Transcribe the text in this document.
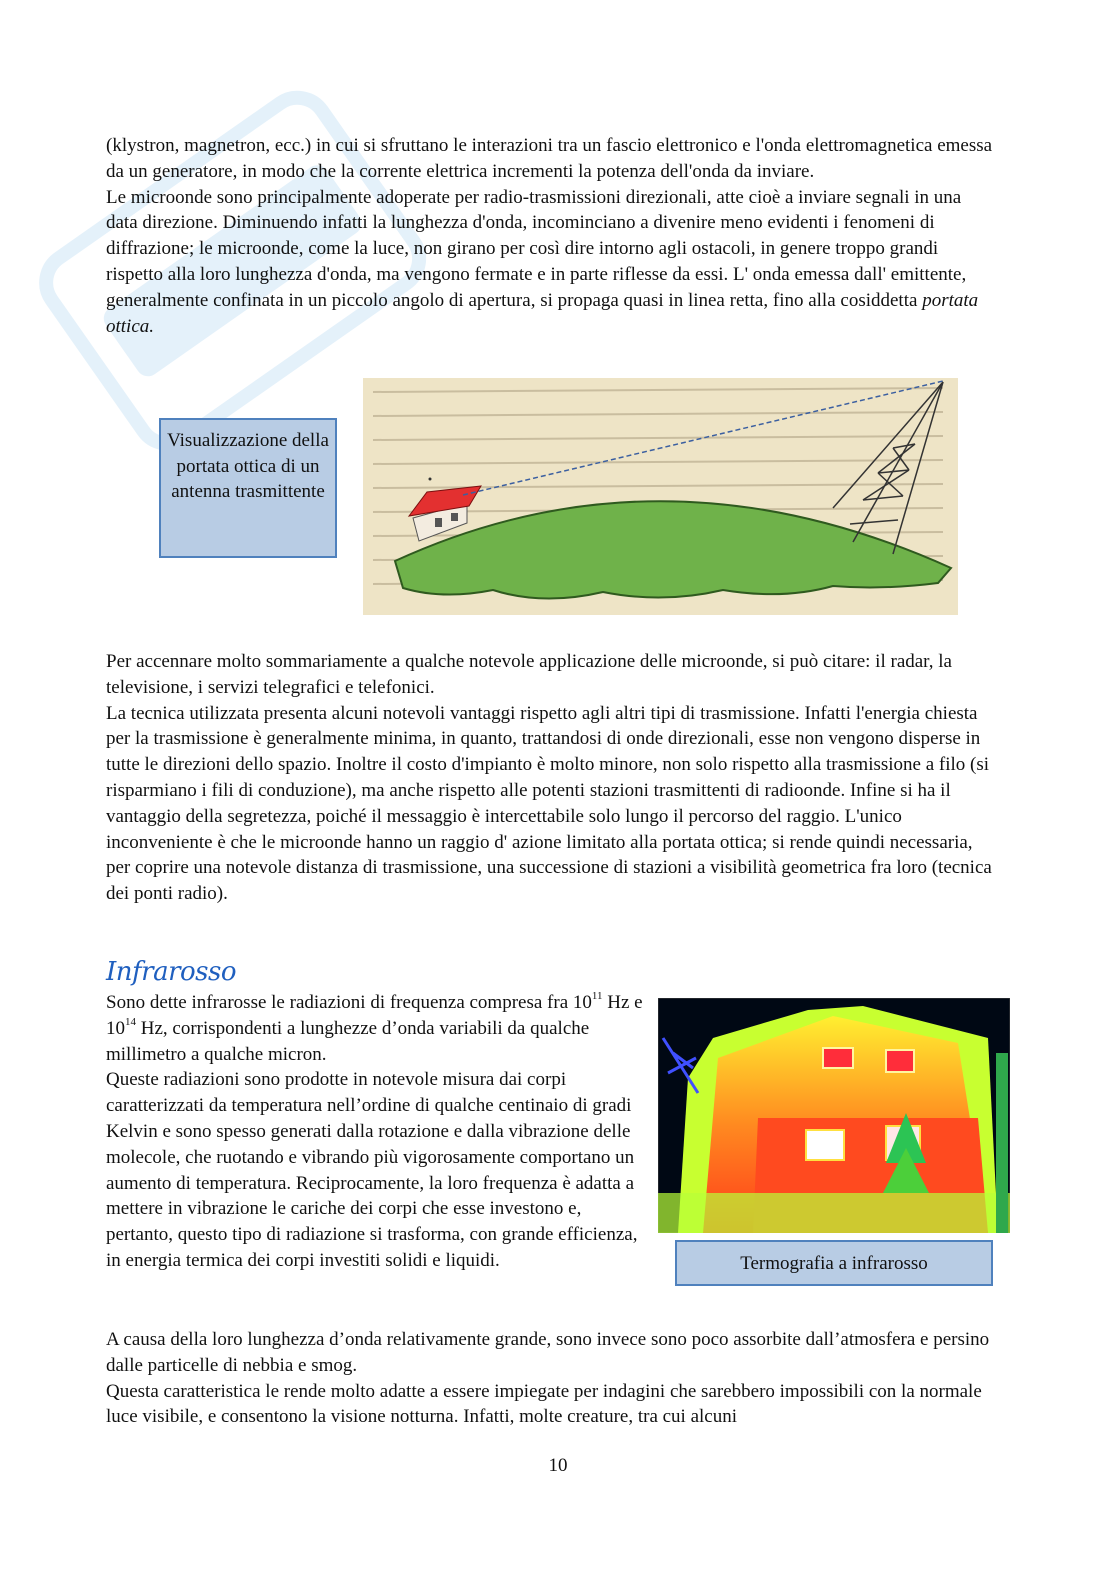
(klystron, magnetron, ecc.) in cui si sfruttano le interazioni tra un fascio elettronico e l'onda elettromagnetica emessa da un generatore, in modo che la corrente elettrica incrementi la potenza dell'onda da inviare.

Le microonde sono principalmente adoperate per radio-trasmissioni direzionali, atte cioè a inviare segnali in una data direzione. Diminuendo infatti la lunghezza d'onda, incominciano a divenire meno evidenti i fenomeni di diffrazione; le microonde, come la luce, non girano per così dire intorno agli ostacoli, in genere troppo grandi rispetto alla loro lunghezza d'onda, ma vengono fermate e in parte riflesse da essi. L' onda emessa dall' emittente, generalmente confinata in un piccolo angolo di apertura, si propaga quasi in linea retta, fino alla cosiddetta portata ottica.

Visualizzazione della portata ottica di un antenna trasmittente

Per accennare molto sommariamente a qualche notevole applicazione delle microonde, si può citare: il radar, la televisione, i servizi telegrafici e telefonici.

La tecnica utilizzata presenta alcuni notevoli vantaggi rispetto agli altri tipi di trasmissione. Infatti l'energia chiesta per la trasmissione è generalmente minima, in quanto, trattandosi di onde direzionali, esse non vengono disperse in tutte le direzioni dello spazio. Inoltre il costo d'impianto è molto minore, non solo rispetto alla trasmissione a filo (si risparmiano i fili di conduzione), ma anche rispetto alle potenti stazioni trasmittenti di radioonde. Infine si ha il vantaggio della segretezza, poiché il messaggio è intercettabile solo lungo il percorso del raggio. L'unico inconveniente è che le microonde hanno un raggio d' azione limitato alla portata ottica; si rende quindi necessaria, per coprire una notevole distanza di trasmissione, una successione di stazioni a visibilità geometrica fra loro (tecnica dei ponti radio).

Infrarosso

Sono dette infrarosse le radiazioni di frequenza compresa fra $10^{11}$ Hz e $10^{14}$ Hz, corrispondenti a lunghezze d’onda variabili da qualche millimetro a qualche micron.

Queste radiazioni sono prodotte in notevole misura dai corpi caratterizzati da temperatura nell’ordine di qualche centinaio di gradi Kelvin e sono spesso generati dalla rotazione e dalla vibrazione delle molecole, che ruotando e vibrando più vigorosamente comportano un aumento di temperatura. Reciprocamente, la loro frequenza è adatta a mettere in vibrazione le cariche dei corpi che esse investono e, pertanto, questo tipo di radiazione si trasforma, con grande efficienza, in energia termica dei corpi investiti solidi e liquidi.	Termografia a infrarosso

A causa della loro lunghezza d’onda relativamente grande, sono invece sono poco assorbite dall’atmosfera e persino dalle particelle di nebbia e smog.

Questa caratteristica le rende molto adatte a essere impiegate per indagini che sarebbero impossibili con la normale luce visibile, e consentono la visione notturna. Infatti, molte creature, tra cui alcuni

10
